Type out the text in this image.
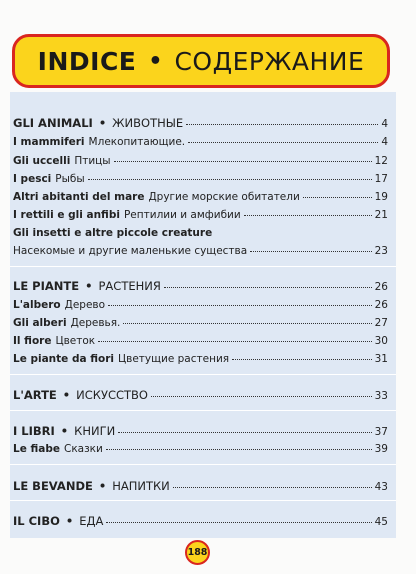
INDICE • СОДЕРЖАНИЕ
GLI ANIMALI • ЖИВОТНЫЕ	4
I mammiferi Млекопитающие.	4
Gli uccelli Птицы	12
I pesci Рыбы	17
Altri abitanti del mare Другие морские обитатели	19
I rettili e gli anfibi Рептилии и амфибии	21
Gli insetti e altre piccole creature
Насекомые и другие маленькие существа	23
LE PIANTE • РАСТЕНИЯ	26
L'albero Дерево	26
Gli alberi Деревья.	27
Il fiore Цветок	30
Le piante da fiori Цветущие растения	31
L'ARTE • ИСКУССТВО	33
I LIBRI • КНИГИ	37
Le fiabe Сказки	39
LE BEVANDE • НАПИТКИ	43
IL CIBO • ЕДА	45
188
